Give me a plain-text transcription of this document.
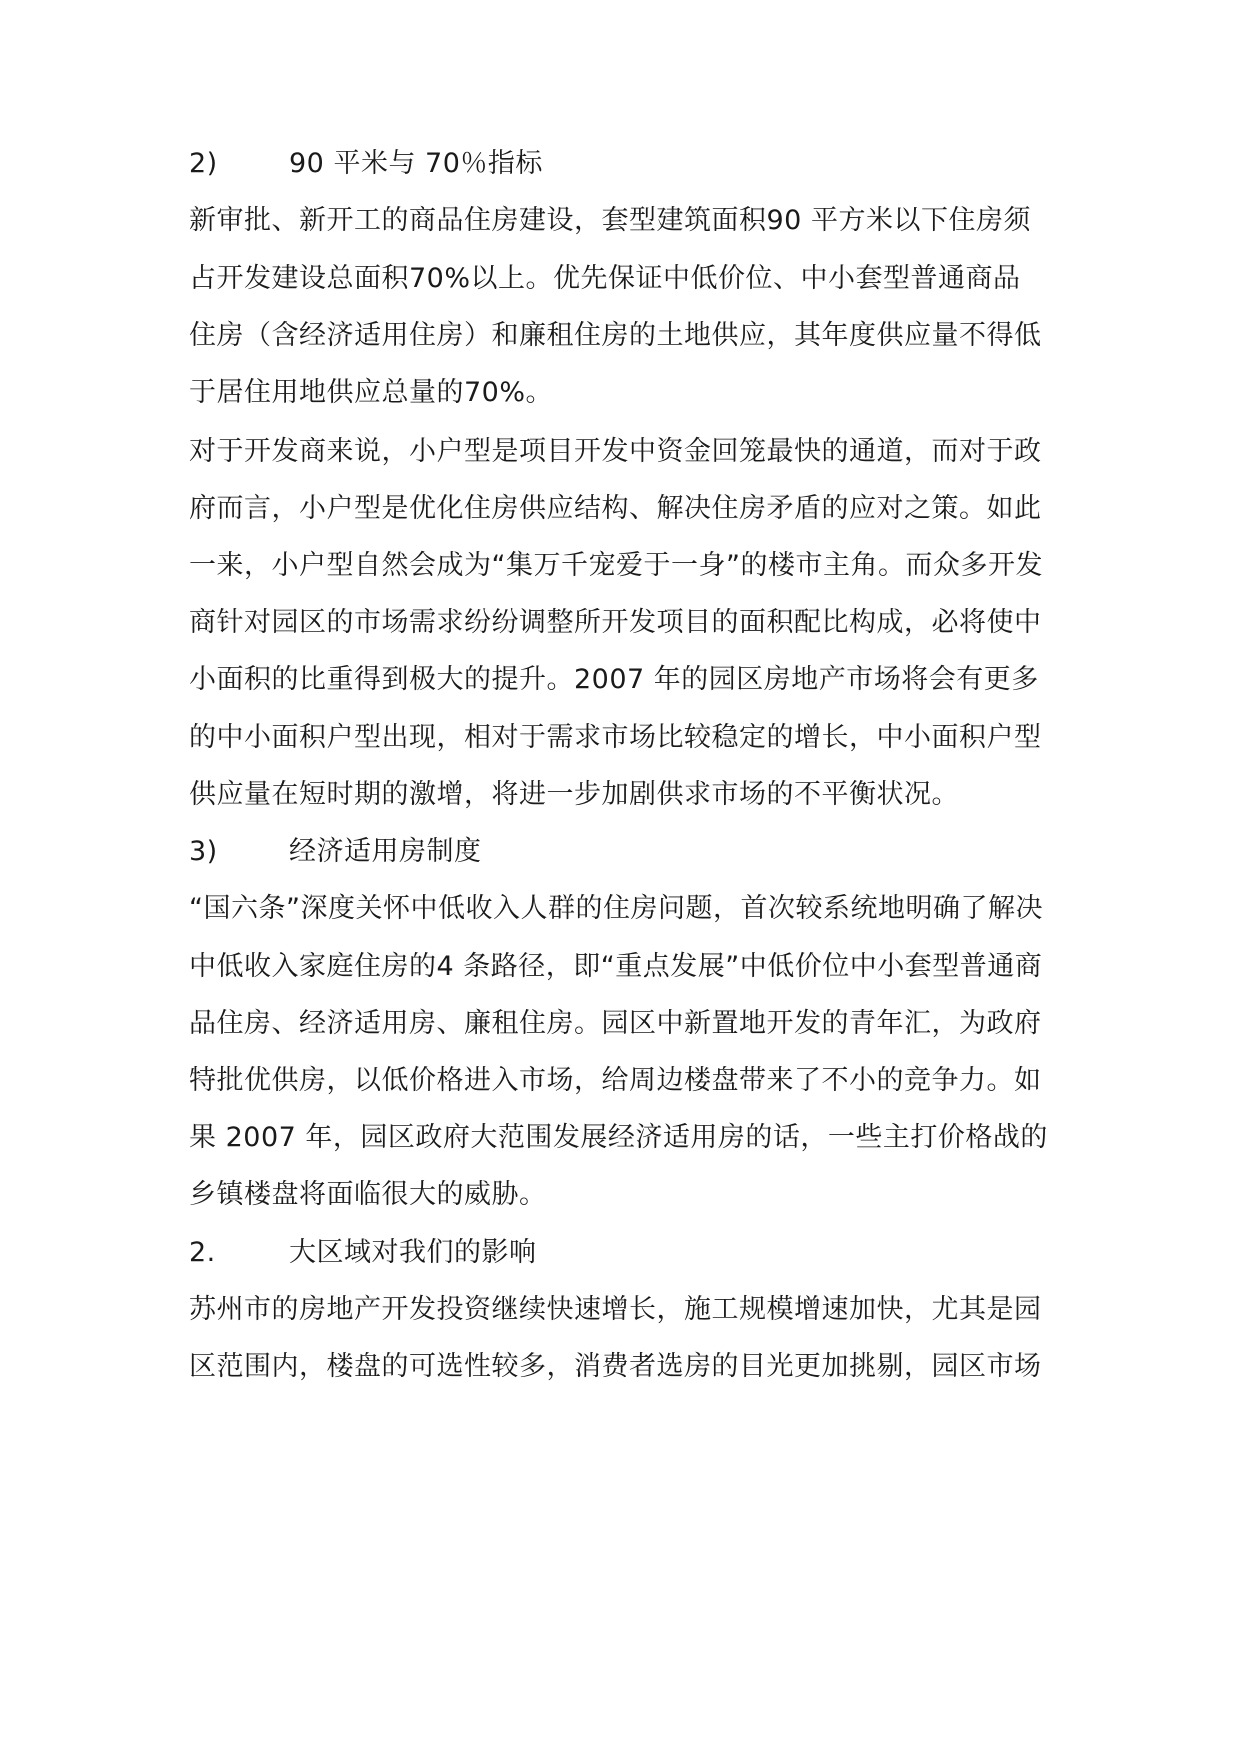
2)	90 平米与 70％指标
新审批、新开工的商品住房建设，套型建筑面积90 平方米以下住房须
占开发建设总面积70%以上。优先保证中低价位、中小套型普通商品
住房（含经济适用住房）和廉租住房的土地供应，其年度供应量不得低
于居住用地供应总量的70%。
对于开发商来说，小户型是项目开发中资金回笼最快的通道，而对于政
府而言，小户型是优化住房供应结构、解决住房矛盾的应对之策。如此
一来，小户型自然会成为“集万千宠爱于一身”的楼市主角。而众多开发
商针对园区的市场需求纷纷调整所开发项目的面积配比构成，必将使中
小面积的比重得到极大的提升。2007 年的园区房地产市场将会有更多
的中小面积户型出现，相对于需求市场比较稳定的增长，中小面积户型
供应量在短时期的激增，将进一步加剧供求市场的不平衡状况。
3)	经济适用房制度
“国六条”深度关怀中低收入人群的住房问题，首次较系统地明确了解决
中低收入家庭住房的4 条路径，即“重点发展”中低价位中小套型普通商
品住房、经济适用房、廉租住房。园区中新置地开发的青年汇，为政府
特批优供房，以低价格进入市场，给周边楼盘带来了不小的竞争力。如
果 2007 年，园区政府大范围发展经济适用房的话，一些主打价格战的
乡镇楼盘将面临很大的威胁。
2.	大区域对我们的影响
苏州市的房地产开发投资继续快速增长，施工规模增速加快，尤其是园
区范围内，楼盘的可选性较多，消费者选房的目光更加挑剔，园区市场
